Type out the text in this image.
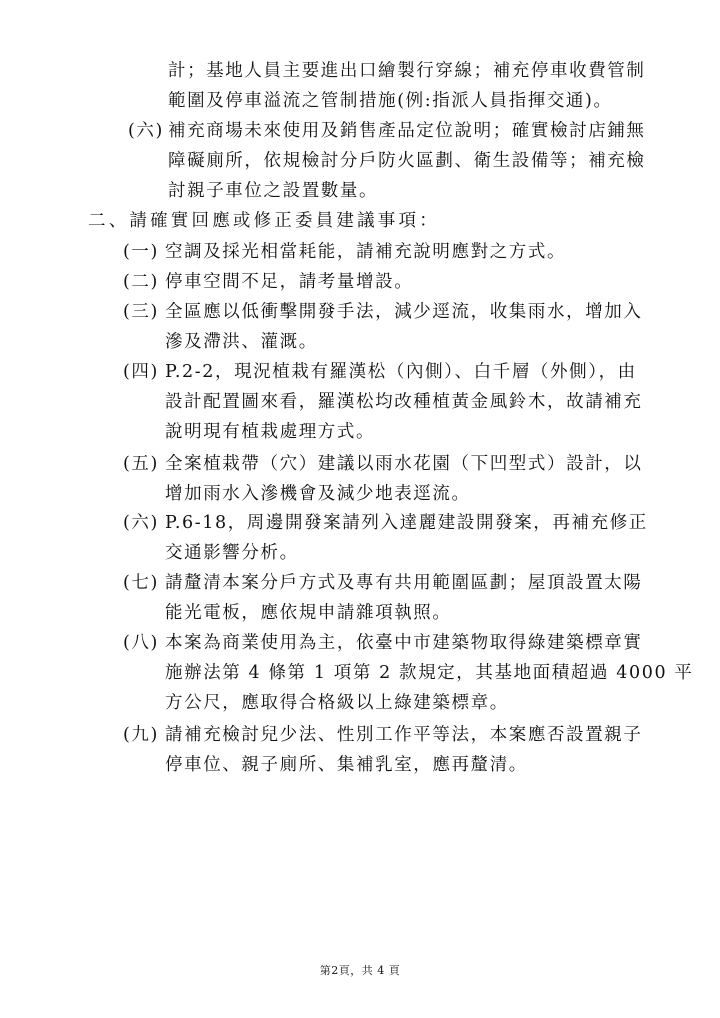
計；基地人員主要進出口繪製行穿線；補充停車收費管制
範圍及停車溢流之管制措施(例:指派人員指揮交通)。
(六) 補充商場未來使用及銷售產品定位說明；確實檢討店鋪無
障礙廁所，依規檢討分戶防火區劃、衛生設備等；補充檢
討親子車位之設置數量。
二、請確實回應或修正委員建議事項：
(一) 空調及採光相當耗能，請補充說明應對之方式。
(二) 停車空間不足，請考量增設。
(三) 全區應以低衝擊開發手法，減少逕流，收集雨水，增加入
滲及滯洪、灌溉。
(四) P.2-2，現況植栽有羅漢松（內側）、白千層（外側），由
設計配置圖來看，羅漢松均改種植黃金風鈴木，故請補充
說明現有植栽處理方式。
(五) 全案植栽帶（穴）建議以雨水花園（下凹型式）設計，以
增加雨水入滲機會及減少地表逕流。
(六) P.6-18，周邊開發案請列入達麗建設開發案，再補充修正
交通影響分析。
(七) 請釐清本案分戶方式及專有共用範圍區劃；屋頂設置太陽
能光電板，應依規申請雜項執照。
(八) 本案為商業使用為主，依臺中市建築物取得綠建築標章實
施辦法第 4 條第 1 項第 2 款規定，其基地面積超過 4000 平
方公尺，應取得合格級以上綠建築標章。
(九) 請補充檢討兒少法、性別工作平等法，本案應否設置親子
停車位、親子廁所、集補乳室，應再釐清。
第2頁，共 4 頁
